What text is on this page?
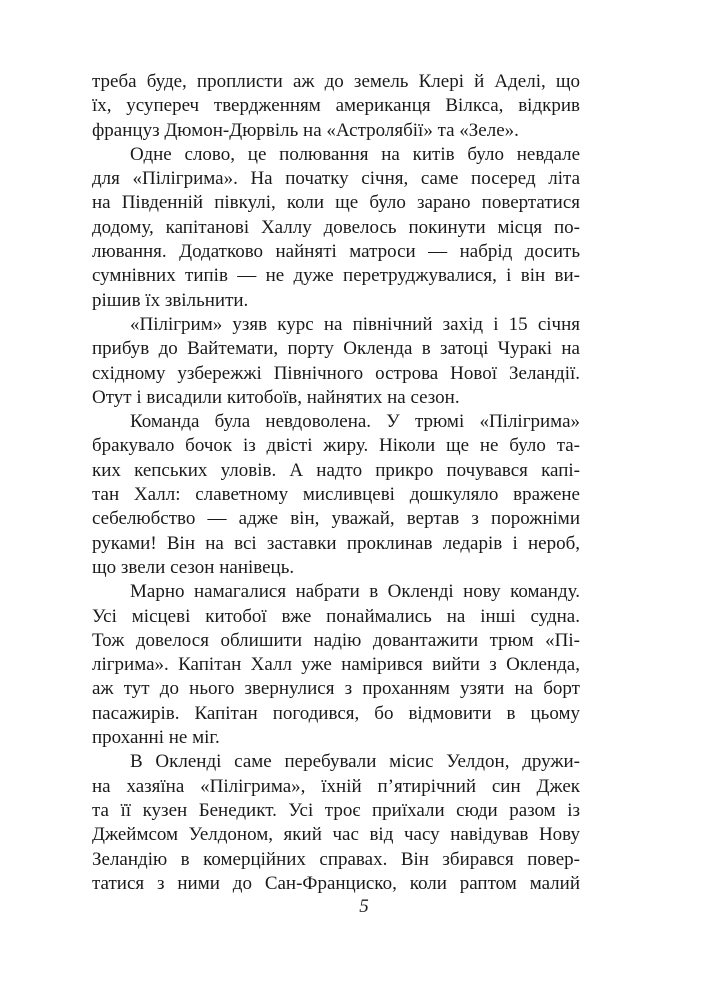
треба буде, проплисти аж до земель Клері й Аделі, що
їх, усупереч твердженням американця Вілкса, відкрив
француз Дюмон-Дюрвіль на «Астролябії» та «Зеле».
Одне слово, це полювання на китів було невдале
для «Пілігрима». На початку січня, саме посеред літа
на Південній півкулі, коли ще було зарано повертатися
додому, капітанові Халлу довелось покинути місця по-
лювання. Додатково найняті матроси — набрід досить
сумнівних типів — не дуже перетруджувалися, і він ви-
рішив їх звільнити.
«Пілігрим» узяв курс на північний захід і 15 січня
прибув до Вайтемати, порту Окленда в затоці Чуракі на
східному узбережжі Північного острова Нової Зеландії.
Отут і висадили китобоїв, найнятих на сезон.
Команда була невдоволена. У трюмі «Пілігрима»
бракувало бочок із двісті жиру. Ніколи ще не було та-
ких кепських уловів. А надто прикро почувався капі-
тан Халл: славетному мисливцеві дошкуляло вражене
себелюбство — адже він, уважай, вертав з порожніми
руками! Він на всі заставки проклинав ледарів і нероб,
що звели сезон нанівець.
Марно намагалися набрати в Окленді нову команду.
Усі місцеві китобої вже понаймались на інші судна.
Тож довелося облишити надію довантажити трюм «Пі-
лігрима». Капітан Халл уже намірився вийти з Окленда,
аж тут до нього звернулися з проханням узяти на борт
пасажирів. Капітан погодився, бо відмовити в цьому
проханні не міг.
В Окленді саме перебували місис Уелдон, дружи-
на хазяїна «Пілігрима», їхній п’ятирічний син Джек
та її кузен Бенедикт. Усі троє приїхали сюди разом із
Джеймсом Уелдоном, який час від часу навідував Нову
Зеландію в комерційних справах. Він збирався повер-
татися з ними до Сан-Франциско, коли раптом малий
5
